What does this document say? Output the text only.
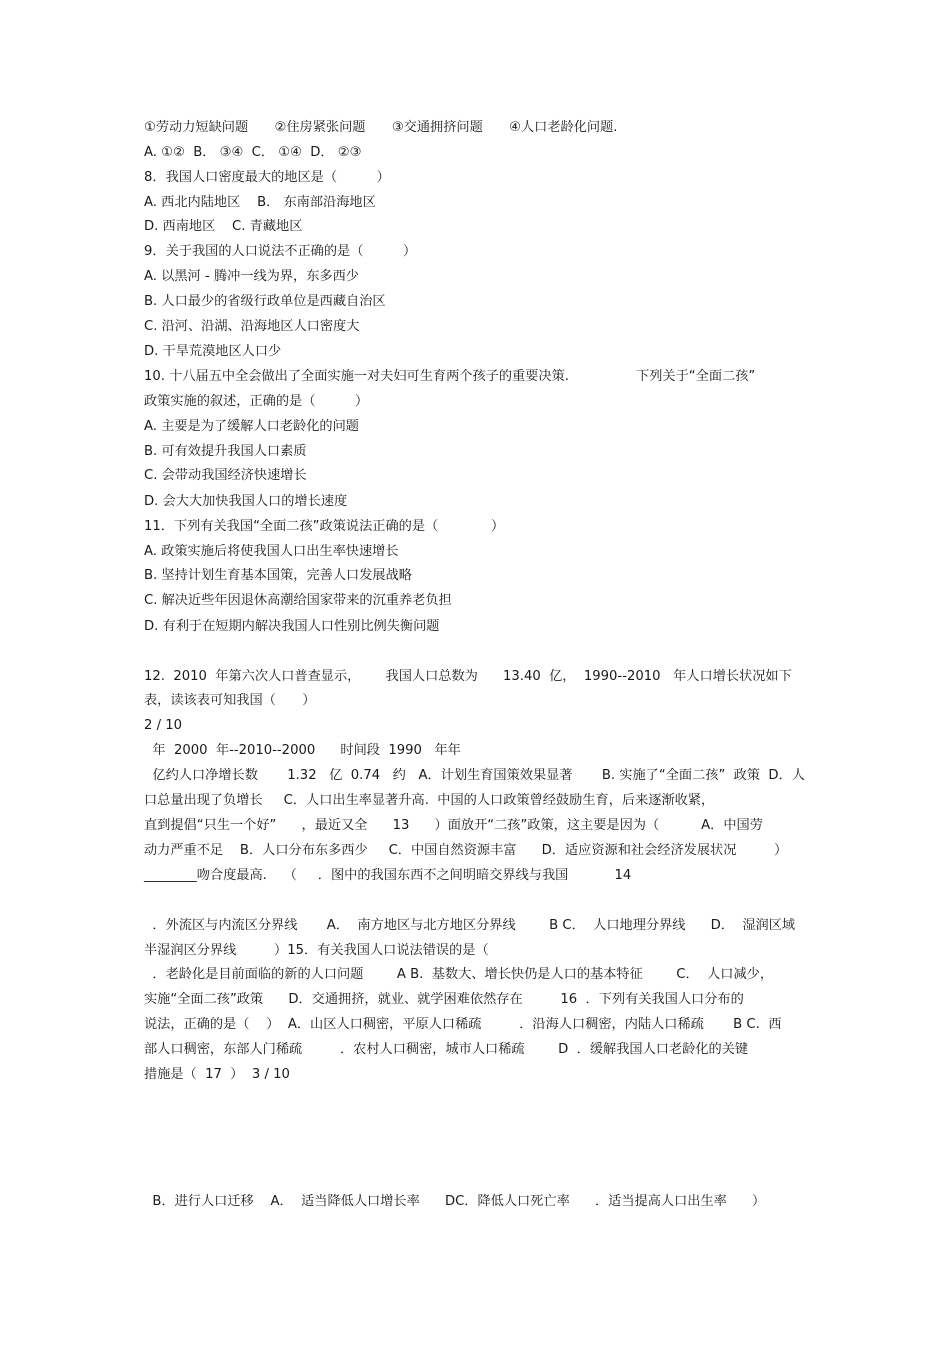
①劳动力短缺问题　　②住房紧张问题　　③交通拥挤问题　　④人口老龄化问题.
A. ①②  B． ③④  C． ①④  D． ②③
8．我国人口密度最大的地区是（　　　）
A. 西北内陆地区    B． 东南部沿海地区
D. 西南地区    C. 青藏地区
9．关于我国的人口说法不正确的是（　　　）
A. 以黑河 - 腾冲一线为界，东多西少
B. 人口最少的省级行政单位是西藏自治区
C. 沿河、沿湖、沿海地区人口密度大
D. 干旱荒漠地区人口少
10. 十八届五中全会做出了全面实施一对夫妇可生育两个孩子的重要决策.                下列关于“全面二孩”
政策实施的叙述，正确的是（　　　）
A. 主要是为了缓解人口老龄化的问题
B. 可有效提升我国人口素质
C. 会带动我国经济快速增长
D. 会大大加快我国人口的增长速度
11．下列有关我国“全面二孩”政策说法正确的是（　　　　）
A. 政策实施后将使我国人口出生率快速增长
B. 坚持计划生育基本国策，完善人口发展战略
C. 解决近些年因退休高潮给国家带来的沉重养老负担
D. 有利于在短期内解决我国人口性别比例失衡问题
12.  2010  年第六次人口普查显示，      我国人口总数为      13.40  亿，  1990--2010   年人口增长状况如下
表，读该表可知我国（　　）
2 / 10
年  2000  年--2010--2000      时间段  1990   年年
亿约人口净增长数       1.32   亿  0.74   约   A．计划生育国策效果显著       B. 实施了“全面二孩”  政策  D．人
口总量出现了负增长     C．人口出生率显著升高.  中国的人口政策曾经鼓励生育，后来逐渐收紧，
直到提倡“只生一个好”      ，最近又全      13      ）面放开“二孩”政策，这主要是因为（          A．中国劳
动力严重不足    B．人口分布东多西少     C．中国自然资源丰富      D．适应资源和社会经济发展状况         ）
________吻合度最高.    （     ．图中的我国东西不之间明暗交界线与我国           14
．外流区与内流区分界线       A．  南方地区与北方地区分界线        B C．  人口地理分界线      D．  湿润区域
半湿润区分界线         ）15．有关我国人口说法错误的是（
．老龄化是目前面临的新的人口问题        A B.  基数大、增长快仍是人口的基本特征        C．  人口减少，
实施“全面二孩”政策      D．交通拥挤，就业、就学困难依然存在         16  ．下列有关我国人口分布的
说法，正确的是（    ）  A．山区人口稠密，平原人口稀疏         ．沿海人口稠密，内陆人口稀疏       B C.  西
部人口稠密，东部人门稀疏         ．农村人口稠密，城市人口稀疏        D  ．缓解我国人口老龄化的关键
措施是（  17  ）  3 / 10
B．进行人口迁移    A．  适当降低人口增长率      DC．降低人口死亡率      ．适当提高人口出生率      ）
